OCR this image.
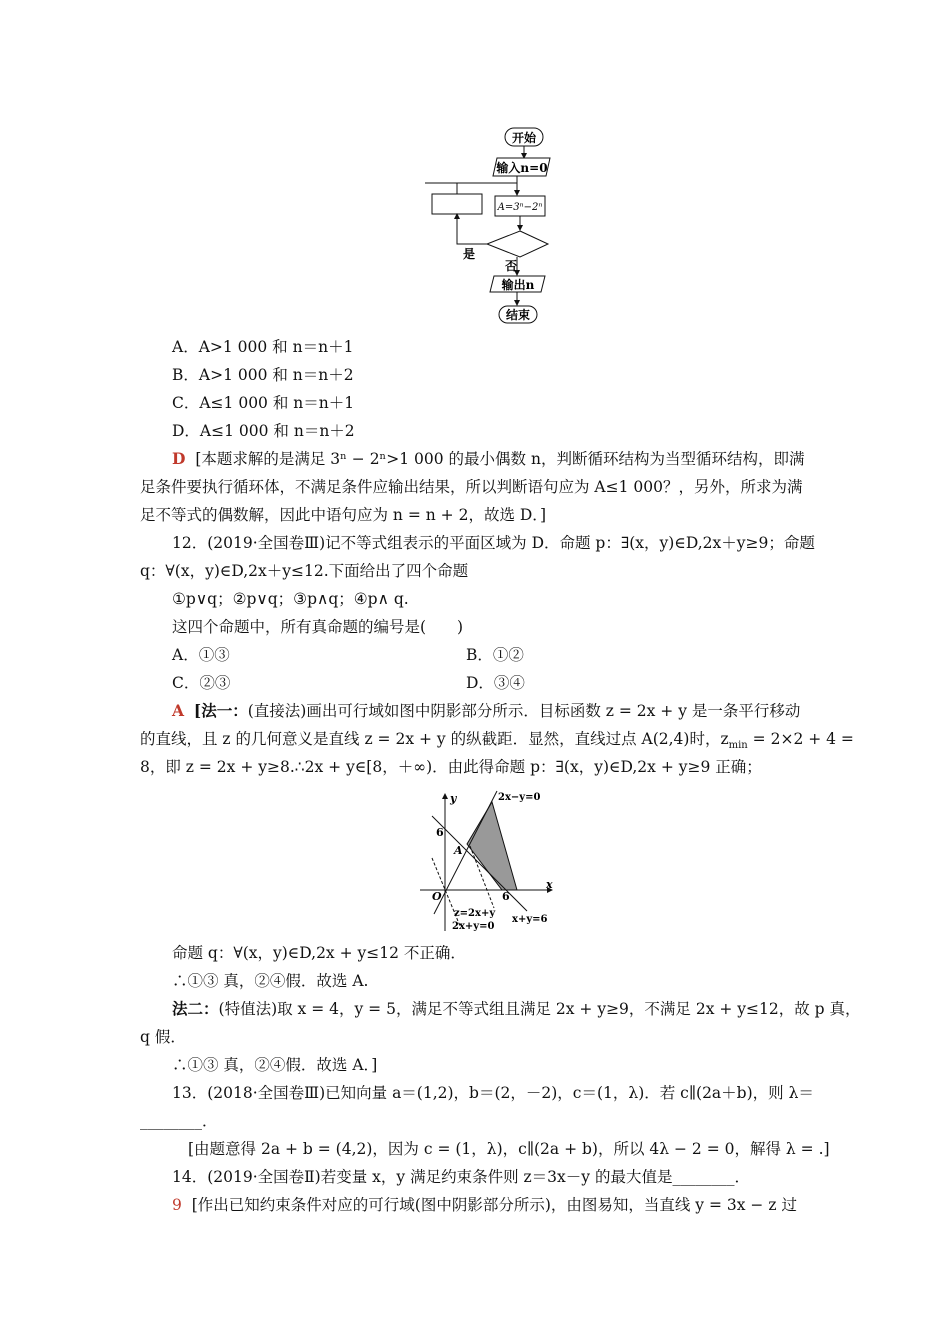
开始
输入n=0
A=3ⁿ−2ⁿ
是
否
输出n
结束
A．A>1 000 和 n＝n＋1
B．A>1 000 和 n＝n＋2
C．A≤1 000 和 n＝n＋1
D．A≤1 000 和 n＝n＋2
D [本题求解的是满足 3ⁿ − 2ⁿ>1 000 的最小偶数 n，判断循环结构为当型循环结构，即满
足条件要执行循环体，不满足条件应输出结果，所以判断语句应为 A≤1 000？，另外，所求为满
足不等式的偶数解，因此中语句应为 n = n + 2，故选 D．]
12．(2019·全国卷Ⅲ)记不等式组表示的平面区域为 D．命题 p：∃(x，y)∈D,2x＋y≥9；命题
q：∀(x，y)∈D,2x＋y≤12.下面给出了四个命题
①p∨q；②p∨q；③p∧q；④p∧ q.
这四个命题中，所有真命题的编号是(　　)
A．①③	B．①②
C．②③	D．③④
A [法一：(直接法)画出可行域如图中阴影部分所示．目标函数 z = 2x + y 是一条平行移动
的直线，且 z 的几何意义是直线 z = 2x + y 的纵截距．显然，直线过点 A(2,4)时，$z_{min} = 2\times 2 + 4$ =
8，即 z = 2x + y≥8.∴2x + y∈[8，＋∞)．由此得命题 p：∃(x，y)∈D,2x + y≥9 正确；
y
x
O
6
6
A
2x−y=0
z=2x+y
2x+y=0
x+y=6
命题 q：∀(x，y)∈D,2x + y≤12 不正确．
∴①③ 真，②④假．故选 A.
法二：(特值法)取 x = 4，y = 5，满足不等式组且满足 2x + y≥9，不满足 2x + y≤12，故 p 真，
q 假．
∴①③ 真，②④假．故选 A．]
13．(2018·全国卷Ⅲ)已知向量 a＝(1,2)，b＝(2，－2)，c＝(1，λ)．若 c∥(2a＋b)，则 λ＝
________．
[由题意得 2a + b = (4,2)，因为 c = (1，λ)，c∥(2a + b)，所以 4λ − 2 = 0，解得 λ = .]
14．(2019·全国卷Ⅱ)若变量 x，y 满足约束条件则 z＝3x－y 的最大值是________．
9 [作出已知约束条件对应的可行域(图中阴影部分所示)，由图易知，当直线 y = 3x − z 过
